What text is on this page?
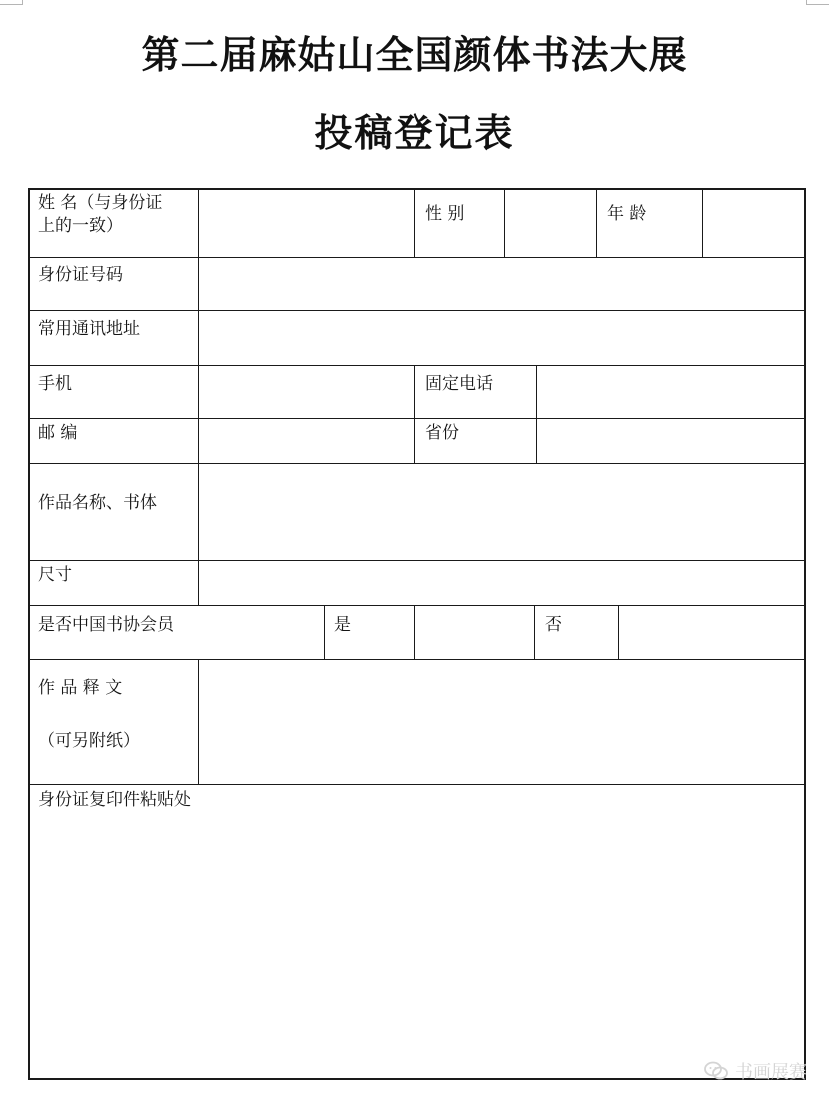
第二届麻姑山全国颜体书法大展
投稿登记表
姓 名（与身份证
上的一致）
性 别	年 龄
身份证号码
常用通讯地址
手机	固定电话
邮 编	省份
作品名称、书体
尺寸
是否中国书协会员	是	否
作 品 释 文
（可另附纸）
身份证复印件粘贴处
书画展赛
